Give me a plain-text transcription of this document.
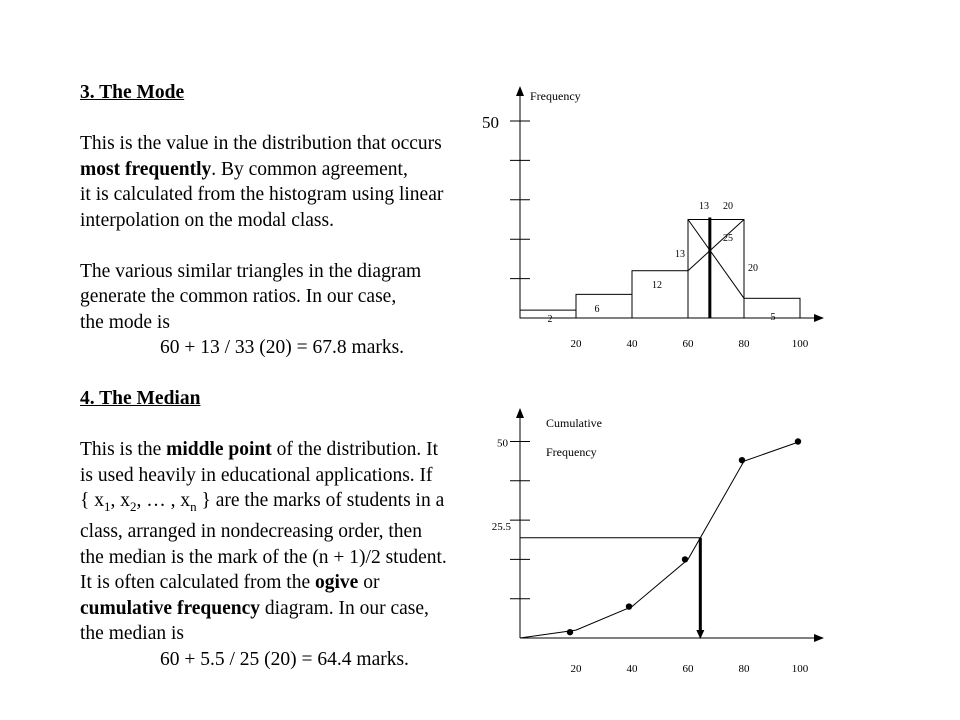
3. The Mode
This is the value in the distribution that occurs
most frequently. By common agreement,
it is calculated from the histogram using linear
interpolation on the modal class.
The various similar triangles in the diagram
generate the common ratios. In our case,
the mode is
60 + 13 / 33 (20) = 67.8 marks.
4. The Median
This is the middle point of the distribution. It
is used heavily in educational applications. If
{ $x_1$, $x_2$, … , $x_n$ } are the marks of students in a
class, arranged in nondecreasing order, then
the median is the mark of the (n + 1)/2 student.
It is often calculated from the ogive or
cumulative frequency diagram. In our case,
the median is
60 + 5.5 / 25 (20) = 64.4 marks.
50
Frequency
20	40	60	80	100
2
6
12
25
5
13
13
20
20
50
25.5
Cumulative
Frequency
20	40	60	80	100
